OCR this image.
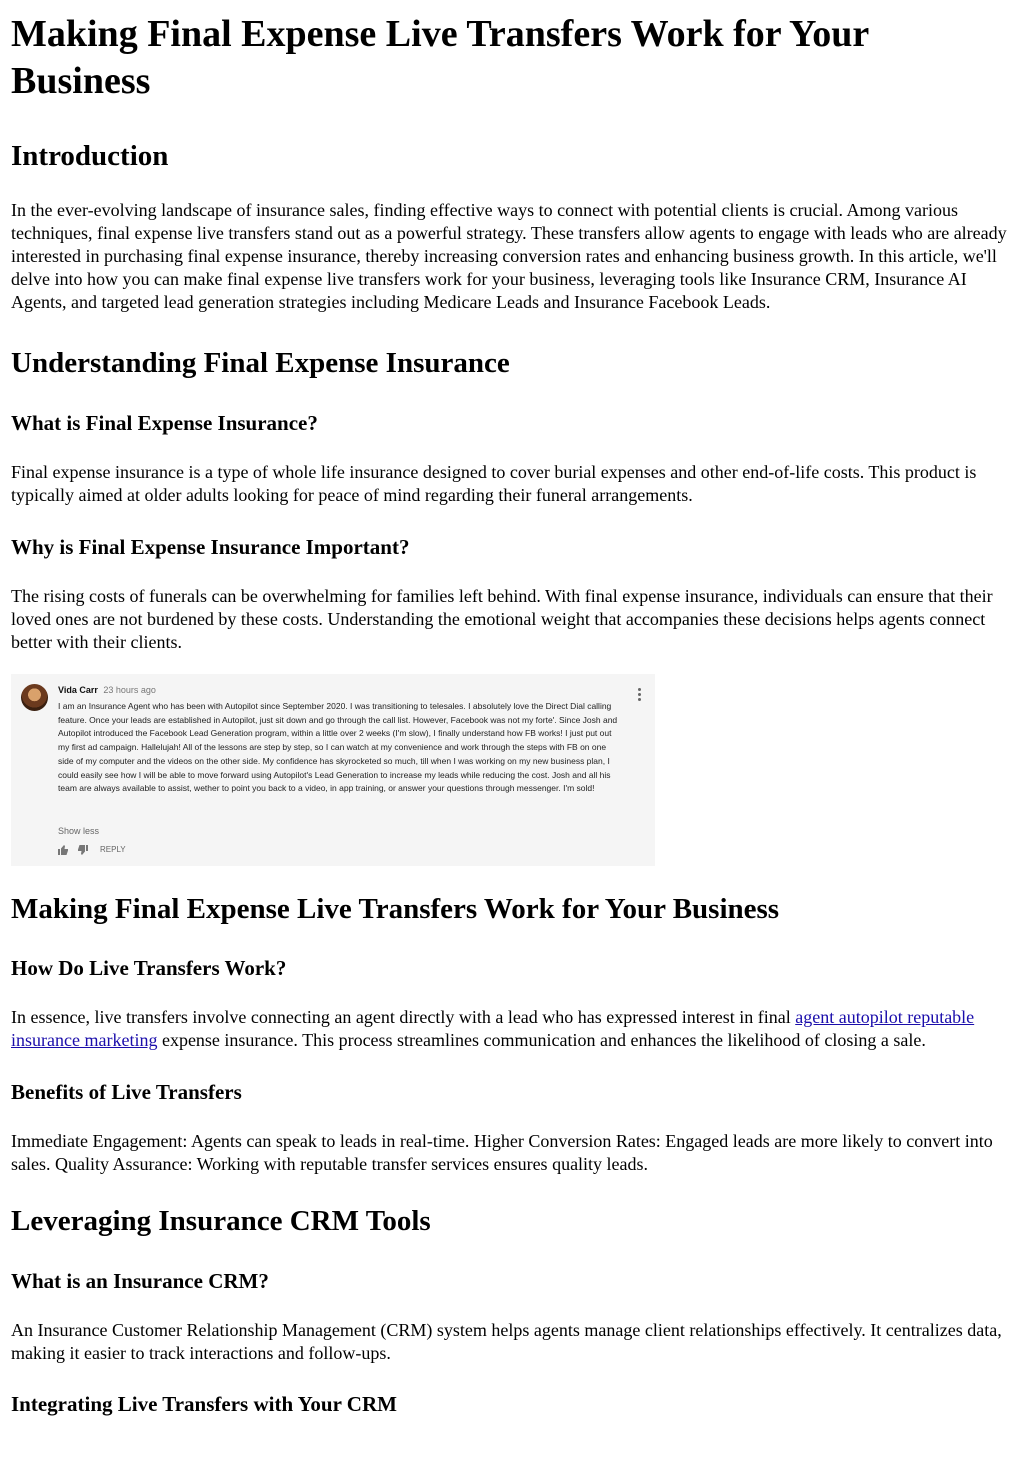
Making Final Expense Live Transfers Work for Your Business
Introduction

In the ever-evolving landscape of insurance sales, finding effective ways to connect with potential clients is crucial. Among various techniques, final expense live transfers stand out as a powerful strategy. These transfers allow agents to engage with leads who are already interested in purchasing final expense insurance, thereby increasing conversion rates and enhancing business growth. In this article, we'll delve into how you can make final expense live transfers work for your business, leveraging tools like Insurance CRM, Insurance AI Agents, and targeted lead generation strategies including Medicare Leads and Insurance Facebook Leads.

Understanding Final Expense Insurance
What is Final Expense Insurance?

Final expense insurance is a type of whole life insurance designed to cover burial expenses and other end-of-life costs. This product is typically aimed at older adults looking for peace of mind regarding their funeral arrangements.

Why is Final Expense Insurance Important?

The rising costs of funerals can be overwhelming for families left behind. With final expense insurance, individuals can ensure that their loved ones are not burdened by these costs. Understanding the emotional weight that accompanies these decisions helps agents connect better with their clients.

Vida Carr 23 hours ago
I am an Insurance Agent who has been with Autopilot since September 2020. I was transitioning to telesales. I absolutely love the Direct Dial calling feature. Once your leads are established in Autopilot, just sit down and go through the call list. However, Facebook was not my forte'. Since Josh and Autopilot introduced the Facebook Lead Generation program, within a little over 2 weeks (I'm slow), I finally understand how FB works! I just put out my first ad campaign. Hallelujah! All of the lessons are step by step, so I can watch at my convenience and work through the steps with FB on one side of my computer and the videos on the other side. My confidence has skyrocketed so much, till when I was working on my new business plan, I could easily see how I will be able to move forward using Autopilot's Lead Generation to increase my leads while reducing the cost. Josh and all his team are always available to assist, wether to point you back to a video, in app training, or answer your questions through messenger. I'm sold!
Show less
REPLY
Making Final Expense Live Transfers Work for Your Business
How Do Live Transfers Work?

In essence, live transfers involve connecting an agent directly with a lead who has expressed interest in final agent autopilot reputable insurance marketing expense insurance. This process streamlines communication and enhances the likelihood of closing a sale.

Benefits of Live Transfers

Immediate Engagement: Agents can speak to leads in real-time. Higher Conversion Rates: Engaged leads are more likely to convert into sales. Quality Assurance: Working with reputable transfer services ensures quality leads.

Leveraging Insurance CRM Tools
What is an Insurance CRM?

An Insurance Customer Relationship Management (CRM) system helps agents manage client relationships effectively. It centralizes data, making it easier to track interactions and follow-ups.

Integrating Live Transfers with Your CRM
